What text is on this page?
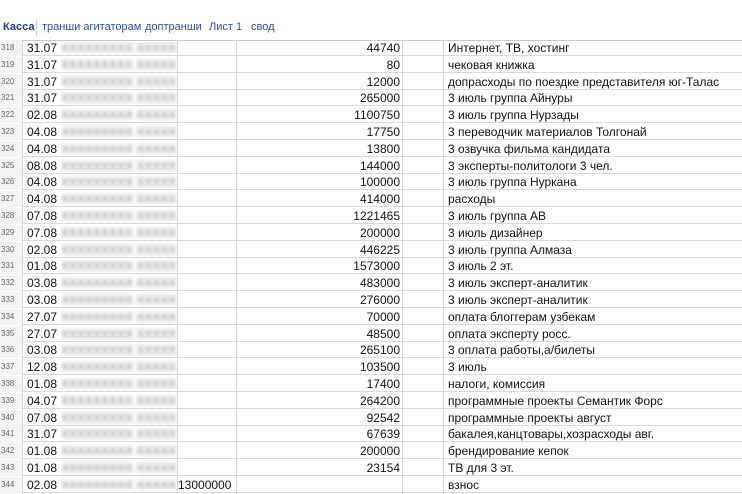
Касса транши агитаторам допт​ранши Лист 1 свод
318	31.07 ХХХХХХХХХ ХХХХХ	44740	Интернет, ТВ, хостинг
319	31.07 ХХХХХХХХХ ХХХХХ	80	чековая книжка
320	31.07 ХХХХХХХХХ ХХХХХ	12000	допрасходы по поездке представителя юг-Талас
321	31.07 ХХХХХХХХХ ХХХХХ	265000	3 июль группа Айнуры
322	02.08 ХХХХХХХХХ ХХХХХ	1100750	3 июль группа Нурзады
323	04.08 ХХХХХХХХХ ХХХХХ	17750	3 переводчик материалов Толгонай
324	04.08 ХХХХХХХХХ ХХХХХ	13800	3 озвучка фильма кандидата
325	08.08 ХХХХХХХХХ ХХХХХ	144000	3 эксперты-политологи 3 чел.
326	04.08 ХХХХХХХХХ ХХХХХ	100000	3 июль группа Нуркана
327	04.08 ХХХХХХХХХ ХХХХХ	414000	расходы
328	07.08 ХХХХХХХХХ ХХХХХ	1221465	3 июль группа АВ
329	07.08 ХХХХХХХХХ ХХХХХ	200000	3 июль дизайнер
330	02.08 ХХХХХХХХХ ХХХХХ	446225	3 июль группа Алмаза
331	01.08 ХХХХХХХХХ ХХХХХ	1573000	3 июль 2 эт.
332	03.08 ХХХХХХХХХ ХХХХХ	483000	3 июль эксперт-аналитик
333	03.08 ХХХХХХХХХ ХХХХХ	276000	3 июль эксперт-аналитик
334	27.07 ХХХХХХХХХ ХХХХХ	70000	оплата блоггерам узбекам
335	27.07 ХХХХХХХХХ ХХХХХ	48500	оплата эксперту росс.
336	03.08 ХХХХХХХХХ ХХХХХ	265100	3 оплата работы,а/билеты
337	12.08 ХХХХХХХХХ ХХХХХ	103500	3 июль
338	01.08 ХХХХХХХХХ ХХХХХ	17400	налоги, комиссия
339	04.07 ХХХХХХХХХ ХХХХХ	264200	программные проекты Семантик Форс
340	07.08 ХХХХХХХХХ ХХХХХ	92542	программные проекты август
341	31.07 ХХХХХХХХХ ХХХХХ	67639	бакалея,канцтовары,хозрасходы авг.
342	01.08 ХХХХХХХХХ ХХХХХ	200000	брендирование кепок
343	01.08 ХХХХХХХХХ ХХХХХ	23154	ТВ для 3 эт.
344	02.08 ХХХХХХХХХ ХХХХХ 13000000	взнос
